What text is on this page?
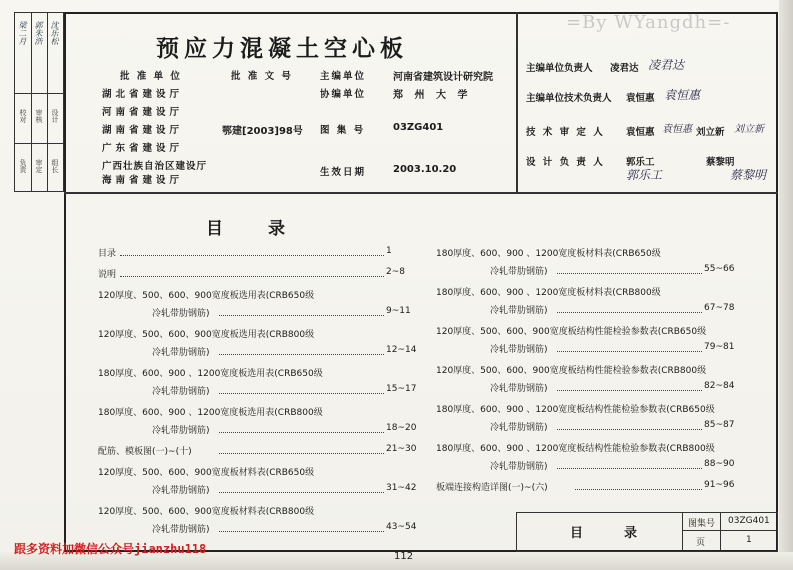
梁二月 郭朱浩 沈乐松
校对 审核 设计
负责 审定 组长
=By WYangdh=-
预应力混凝土空心板
批 准 单 位	批 准 文 号	主编单位	河南省建筑设计研究院
协编单位	郑 州 大 学
湖北省建设厅
河南省建设厅
湖南省建设厅
广东省建设厅
广西壮族自治区建设厅
海南省建设厅
鄂建[2003]98号 图 集 号	03ZG401
生效日期	2003.10.20
主编单位负责人 凌君达 凌君达
主编单位技术负责人 袁恒惠 袁恒惠
技 术 审 定 人 袁恒惠 袁恒惠 刘立新 刘立新
设 计 负 责 人 郭乐工	蔡黎明
郭乐工	蔡黎明
目	录
目录	1
说明	2~8
120厚度、500、600、900宽度板选用表(CRB650级
冷轧带肋钢筋)	9~11
120厚度、500、600、900宽度板选用表(CRB800级
冷轧带肋钢筋)	12~14
180厚度、600、900 、1200宽度板选用表(CRB650级
冷轧带肋钢筋)	15~17
180厚度、600、900 、1200宽度板选用表(CRB800级
冷轧带肋钢筋)	18~20
配筋、模板图(一)~(十)	21~30
120厚度、500、600、900宽度板材料表(CRB650级
冷轧带肋钢筋)	31~42
120厚度、500、600、900宽度板材料表(CRB800级
冷轧带肋钢筋)	43~54
180厚度、600、900 、1200宽度板材料表(CRB650级
冷轧带肋钢筋)	55~66
180厚度、600、900 、1200宽度板材料表(CRB800级
冷轧带肋钢筋)	67~78
120厚度、500、600、900宽度板结构性能检验参数表(CRB650级
冷轧带肋钢筋)	79~81
120厚度、500、600、900宽度板结构性能检验参数表(CRB800级
冷轧带肋钢筋)	82~84
180厚度、600、900 、1200宽度板结构性能检验参数表(CRB650级
冷轧带肋钢筋)	85~87
180厚度、600、900 、1200宽度板结构性能检验参数表(CRB800级
冷轧带肋钢筋)	88~90
板端连接构造详图(一)~(六)	91~96
目 录
图集号 03ZG401
页	1
跟多资料加微信公众号jianzhu118
112
